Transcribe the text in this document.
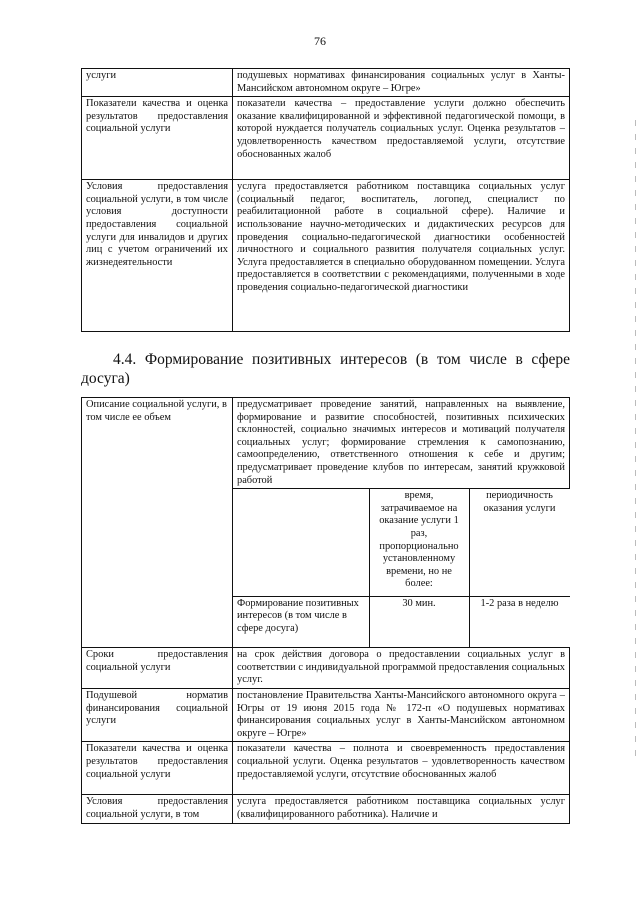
76
услуги	подушевых нормативах финансирования социальных услуг в Ханты-Мансийском автономном округе – Югре»
Показатели качества и оценка результатов предоставления социальной услуги	показатели качества – предоставление услуги должно обеспечить оказание квалифицированной и эффективной педагогической помощи, в которой нуждается получатель социальных услуг. Оценка результатов – удовлетворенность качеством предоставляемой услуги, отсутствие обоснованных жалоб
Условия предоставления социальной услуги, в том числе условия доступности предоставления социальной услуги для инвалидов и других лиц с учетом ограничений их жизнедеятельности	услуга предоставляется работником поставщика социальных услуг (социальный педагог, воспитатель, логопед, специалист по реабилитационной работе в социальной сфере). Наличие и использование научно-методических и дидактических ресурсов для проведения социально-педагогической диагностики особенностей личностного и социального развития получателя социальных услуг. Услуга предоставляется в специально оборудованном помещении. Услуга предоставляется в соответствии с рекомендациями, полученными в ходе проведения социально-педагогической диагностики
4.4. Формирование позитивных интересов (в том числе в сфере досуга)
Описание социальной услуги, в том числе ее объем	предусматривает проведение занятий, направленных на выявление, формирование и развитие способностей, позитивных психических склонностей, социально значимых интересов и мотиваций получателя социальных услуг; формирование стремления к самопознанию, самоопределению, ответственного отношения к себе и другим; предусматривает проведение клубов по интересам, занятий кружковой работой

	время, затрачиваемое на оказание услуги 1 раз, пропорционально установленному времени, но не более:	периодичность оказания услуги
Формирование позитивных интересов (в том числе в сфере досуга)	30 мин.	1-2 раза в неделю

Сроки предоставления социальной услуги	на срок действия договора о предоставлении социальных услуг в соответствии с индивидуальной программой предоставления социальных услуг.
Подушевой норматив финансирования социальной услуги	постановление Правительства Ханты-Мансийского автономного округа – Югры от 19 июня 2015 года № 172-п «О подушевых нормативах финансирования социальных услуг в Ханты-Мансийском автономном округе – Югре»
Показатели качества и оценка результатов предоставления социальной услуги	показатели качества – полнота и своевременность предоставления социальной услуги. Оценка результатов – удовлетворенность качеством предоставляемой услуги, отсутствие обоснованных жалоб
Условия предоставления социальной услуги, в том	услуга предоставляется работником поставщика социальных услуг (квалифицированного работника). Наличие и
